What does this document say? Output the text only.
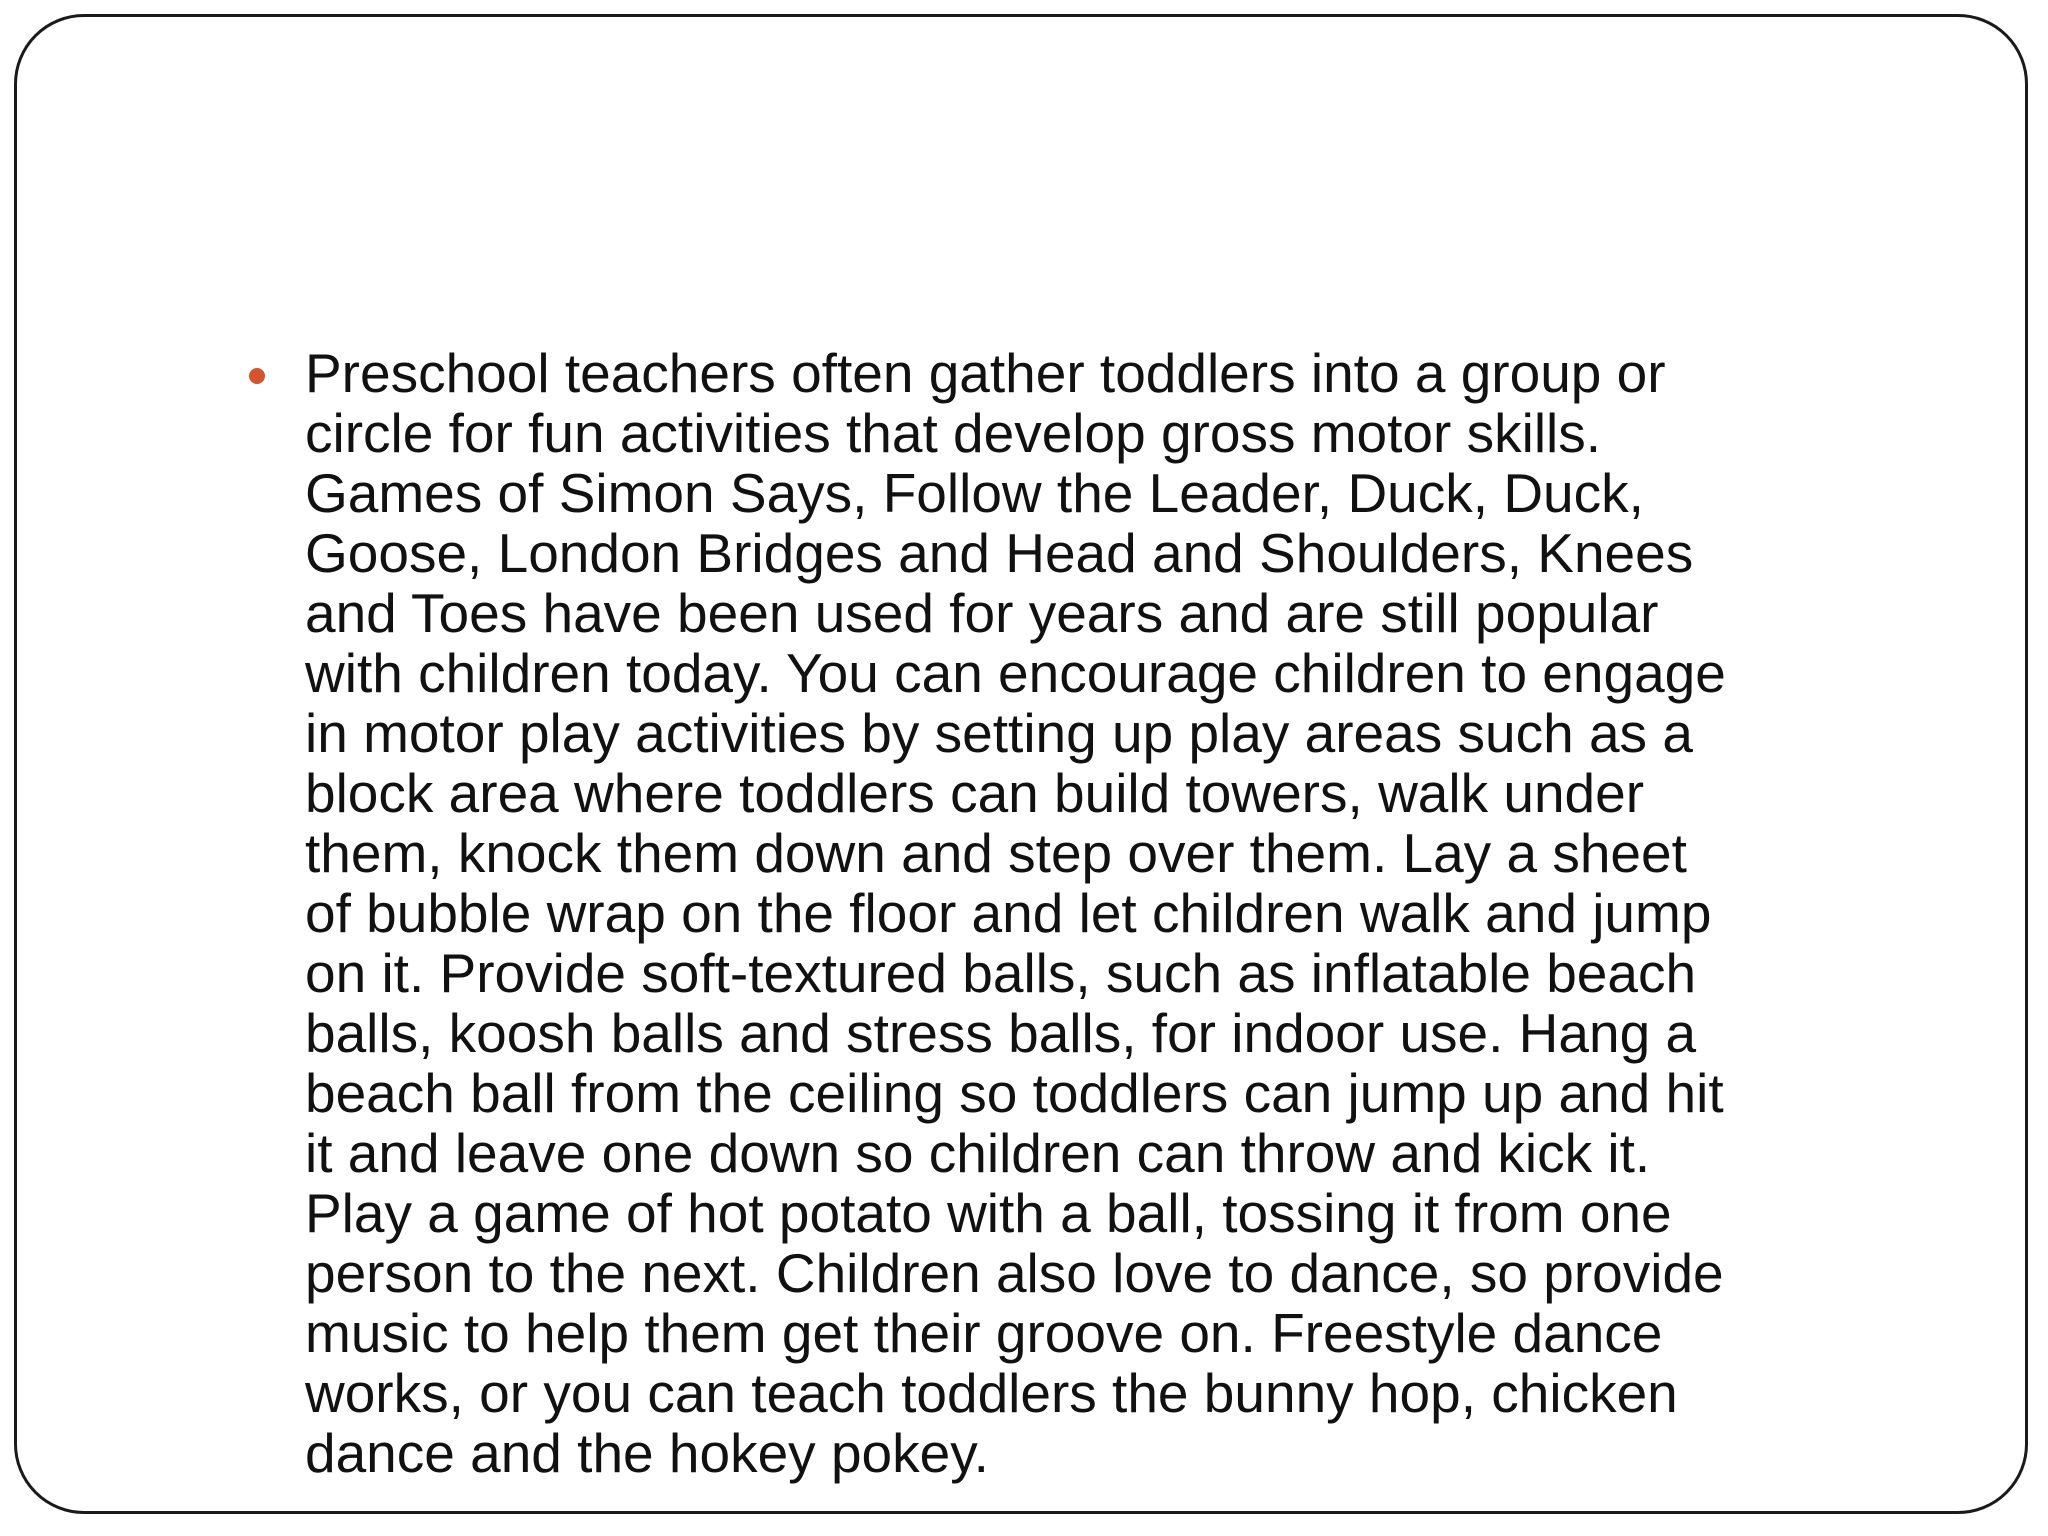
Preschool teachers often gather toddlers into a group or
circle for fun activities that develop gross motor skills.
Games of Simon Says, Follow the Leader, Duck, Duck,
Goose, London Bridges and Head and Shoulders, Knees
and Toes have been used for years and are still popular
with children today. You can encourage children to engage
in motor play activities by setting up play areas such as a
block area where toddlers can build towers, walk under
them, knock them down and step over them. Lay a sheet
of bubble wrap on the floor and let children walk and jump
on it. Provide soft-textured balls, such as inflatable beach
balls, koosh balls and stress balls, for indoor use. Hang a
beach ball from the ceiling so toddlers can jump up and hit
it and leave one down so children can throw and kick it.
Play a game of hot potato with a ball, tossing it from one
person to the next. Children also love to dance, so provide
music to help them get their groove on. Freestyle dance
works, or you can teach toddlers the bunny hop, chicken
dance and the hokey pokey.
